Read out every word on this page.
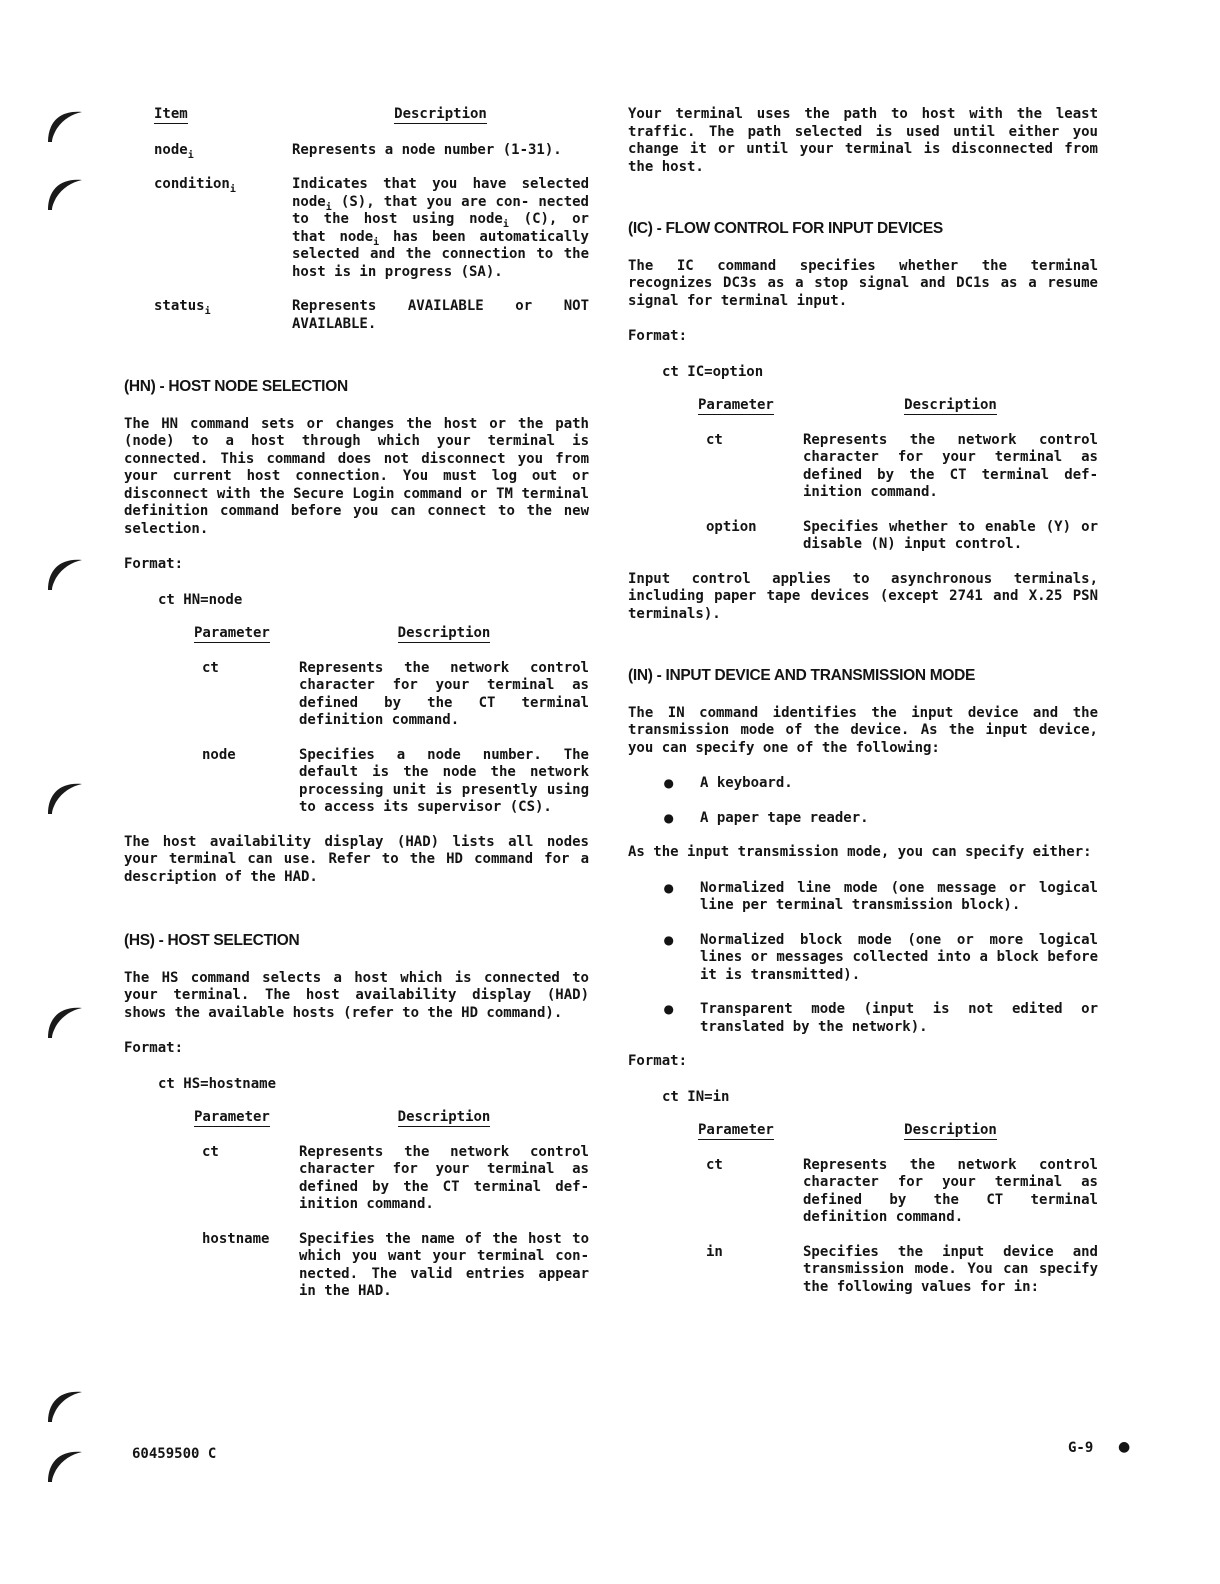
Item	Description
node$_i$	Represents a node number (1-31).
condition$_i$	Indicates that you have selected node$_i$ (S), that you are con- nected to the host using node$_i$ (C), or that node$_i$ has been automatically selected and the connection to the host is in progress (SA).
status$_i$	Represents AVAILABLE or NOT AVAILABLE.
(HN) - HOST NODE SELECTION

The HN command sets or changes the host or the path (node) to a host through which your terminal is connected. This command does not disconnect you from your current host connection. You must log out or disconnect with the Secure Login command or TM terminal definition command before you can connect to the new selection.

Format:
ct HN=node
Parameter	Description
ct	Represents the network control character for your terminal as defined by the CT terminal definition command.
node	Specifies a node number. The default is the node the network processing unit is presently using to access its supervisor (CS).

The host availability display (HAD) lists all nodes your terminal can use. Refer to the HD command for a description of the HAD.

(HS) - HOST SELECTION

The HS command selects a host which is connected to your terminal. The host availability display (HAD) shows the available hosts (refer to the HD command).

Format:
ct HS=hostname
Parameter	Description
ct	Represents the network control character for your terminal as defined by the CT terminal def- inition command.
hostname	Specifies the name of the host to which you want your terminal con- nected. The valid entries appear in the HAD.

Your terminal uses the path to host with the least traffic. The path selected is used until either you change it or until your terminal is disconnected from the host.

(IC) - FLOW CONTROL FOR INPUT DEVICES

The IC command specifies whether the terminal recognizes DC3s as a stop signal and DC1s as a resume signal for terminal input.

Format:
ct IC=option
Parameter	Description
ct	Represents the network control character for your terminal as defined by the CT terminal def- inition command.
option	Specifies whether to enable (Y) or disable (N) input control.

Input control applies to asynchronous terminals, including paper tape devices (except 2741 and X.25 PSN terminals).

(IN) - INPUT DEVICE AND TRANSMISSION MODE

The IN command identifies the input device and the transmission mode of the device. As the input device, you can specify one of the following:

●	A keyboard.
●	A paper tape reader.

As the input transmission mode, you can specify either:

●	Normalized line mode (one message or logical line per terminal transmission block).
●	Normalized block mode (one or more logical lines or messages collected into a block before it is transmitted).
●	Transparent mode (input is not edited or translated by the network).
Format:
ct IN=in
Parameter	Description
ct	Represents the network control character for your terminal as defined by the CT terminal definition command.
in	Specifies the input device and transmission mode. You can specify the following values for in:
60459500 C	G-9 ●
